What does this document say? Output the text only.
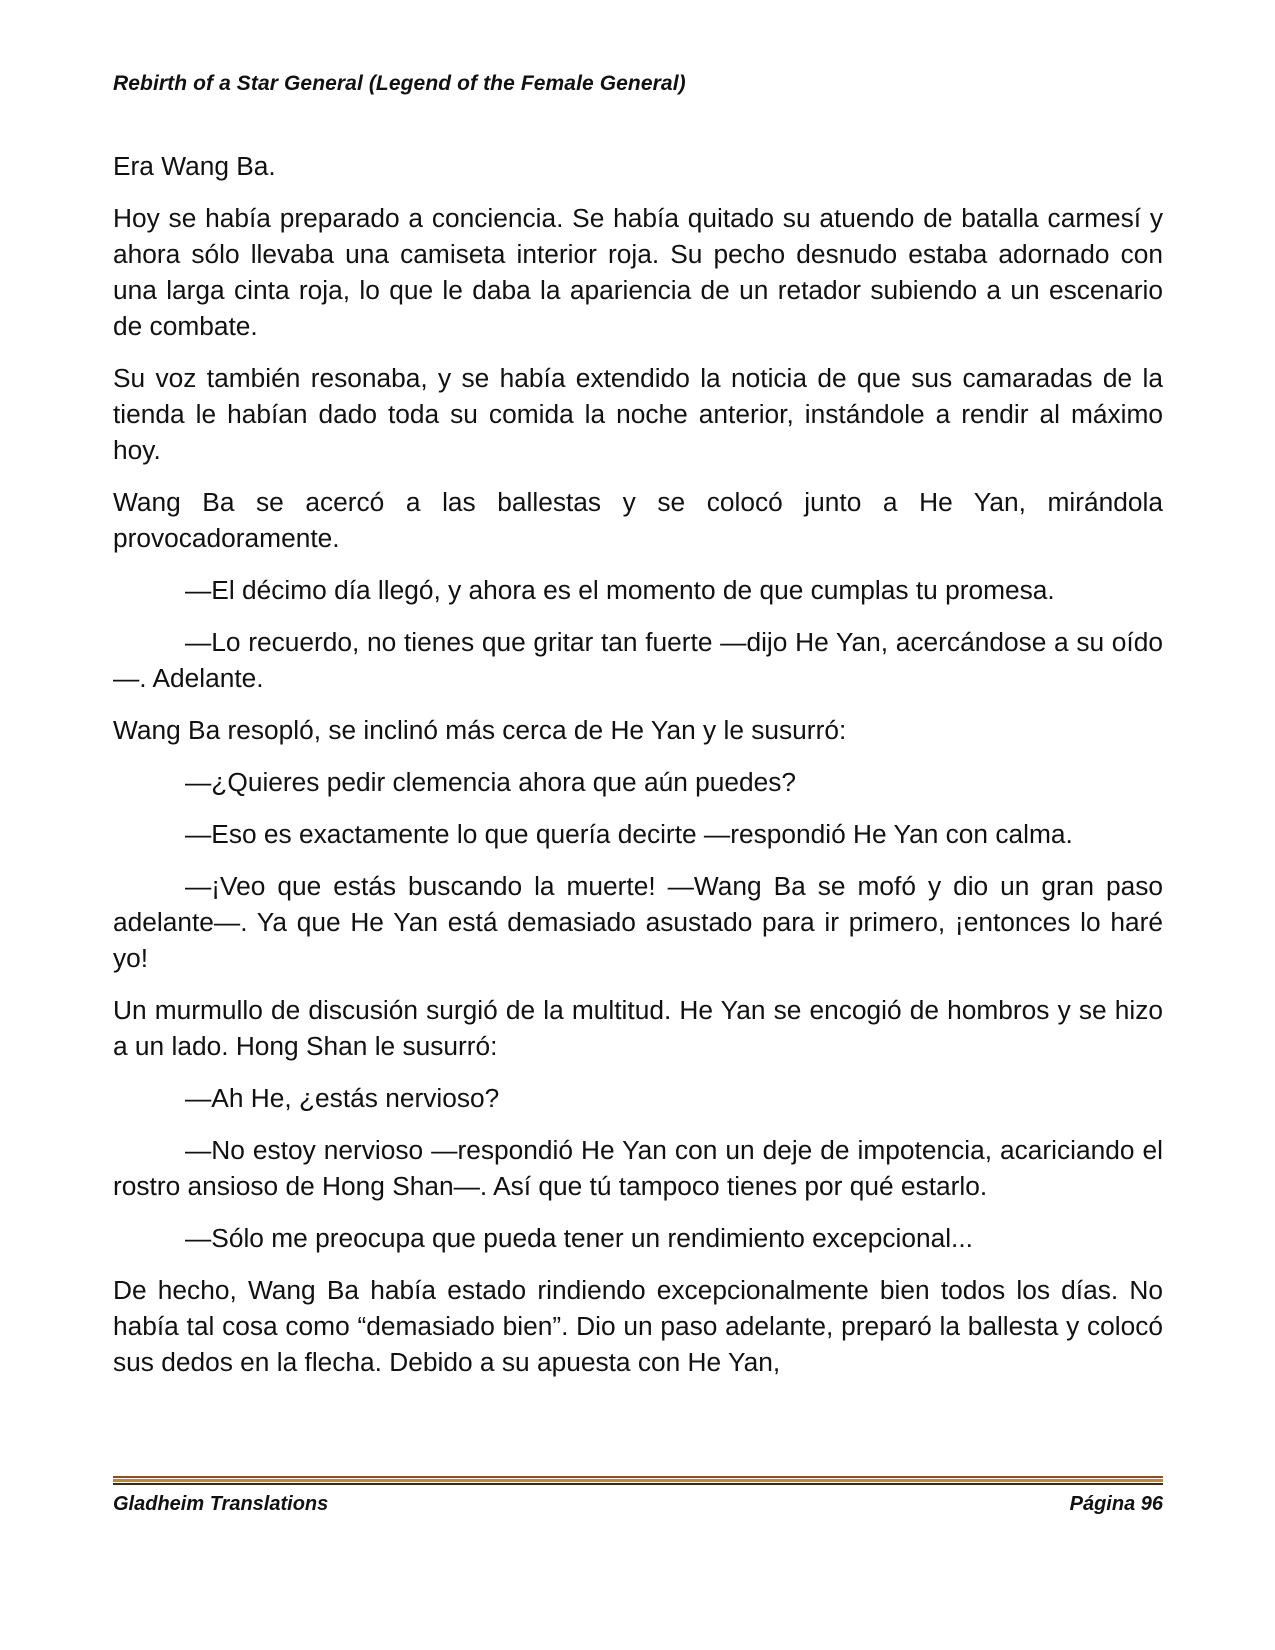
Rebirth of a Star General (Legend of the Female General)

Era Wang Ba.

Hoy se había preparado a conciencia. Se había quitado su atuendo de batalla carmesí y ahora sólo llevaba una camiseta interior roja. Su pecho desnudo estaba adornado con una larga cinta roja, lo que le daba la apariencia de un retador subiendo a un escenario de combate.

Su voz también resonaba, y se había extendido la noticia de que sus camaradas de la tienda le habían dado toda su comida la noche anterior, instándole a rendir al máximo hoy.

Wang Ba se acercó a las ballestas y se colocó junto a He Yan, mirándola provocadoramente.

—El décimo día llegó, y ahora es el momento de que cumplas tu promesa.

—Lo recuerdo, no tienes que gritar tan fuerte —dijo He Yan, acercándose a su oído—. Adelante.

Wang Ba resopló, se inclinó más cerca de He Yan y le susurró:

—¿Quieres pedir clemencia ahora que aún puedes?

—Eso es exactamente lo que quería decirte —respondió He Yan con calma.

—¡Veo que estás buscando la muerte! —Wang Ba se mofó y dio un gran paso adelante—. Ya que He Yan está demasiado asustado para ir primero, ¡entonces lo haré yo!

Un murmullo de discusión surgió de la multitud. He Yan se encogió de hombros y se hizo a un lado. Hong Shan le susurró:

—Ah He, ¿estás nervioso?

—No estoy nervioso —respondió He Yan con un deje de impotencia, acariciando el rostro ansioso de Hong Shan—. Así que tú tampoco tienes por qué estarlo.

—Sólo me preocupa que pueda tener un rendimiento excepcional...

De hecho, Wang Ba había estado rindiendo excepcionalmente bien todos los días. No había tal cosa como “demasiado bien”. Dio un paso adelante, preparó la ballesta y colocó sus dedos en la flecha. Debido a su apuesta con He Yan,

Gladheim Translations	Página 96
